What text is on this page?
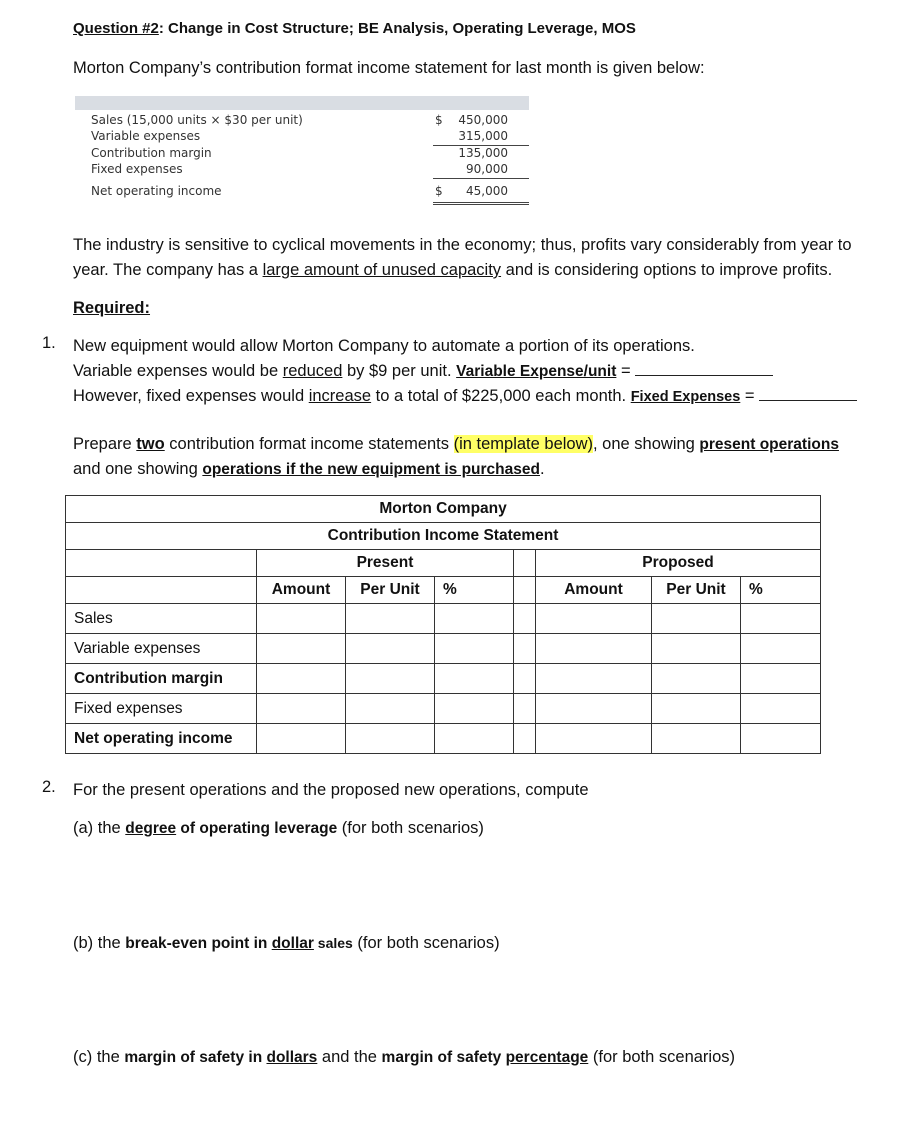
Question #2: Change in Cost Structure; BE Analysis, Operating Leverage, MOS
Morton Company’s contribution format income statement for last month is given below:
Sales (15,000 units × $30 per unit)	$	450,000
Variable expenses	315,000
Contribution margin	135,000
Fixed expenses	90,000
Net operating income	$	45,000
The industry is sensitive to cyclical movements in the economy; thus, profits vary considerably from year to
year. The company has a large amount of unused capacity and is considering options to improve profits.
Required:
1. New equipment would allow Morton Company to automate a portion of its operations.
Variable expenses would be reduced by $9 per unit. Variable Expense/unit =
However, fixed expenses would increase to a total of $225,000 each month. Fixed Expenses =
Prepare two contribution format income statements (in template below), one showing present operations
and one showing operations if the new equipment is purchased.
Morton Company							
Contribution Income Statement							
	Present				Proposed		
	Amount	Per Unit	%		Amount	Per Unit	%
Sales							
Variable expenses							
Contribution margin							
Fixed expenses							
Net operating income							
2. For the present operations and the proposed new operations, compute
(a) the degree of operating leverage (for both scenarios)
(b) the break-even point in dollar sales (for both scenarios)
(c) the margin of safety in dollars and the margin of safety percentage (for both scenarios)
